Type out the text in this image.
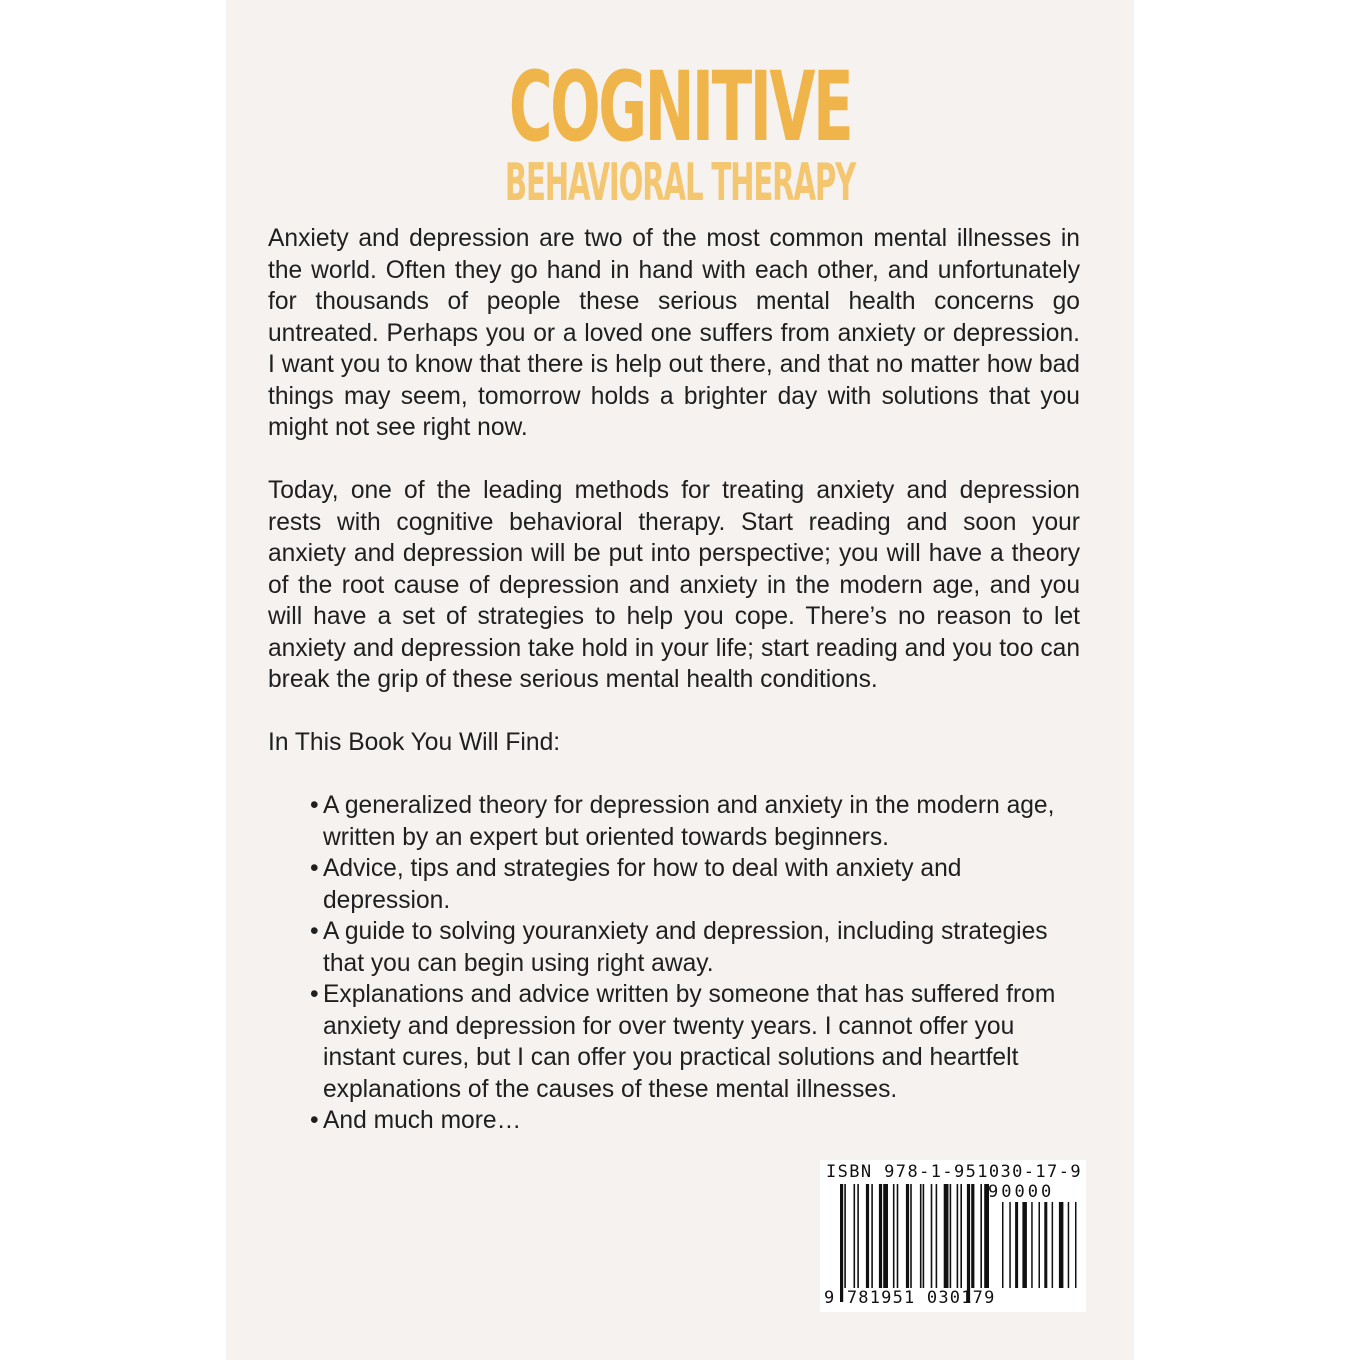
COGNITIVE
BEHAVIORAL THERAPY

Anxiety and depression are two of the most common mental illnesses in the world. Often they go hand in hand with each other, and unfortunately for thousands of people these serious mental health concerns go untreated. Perhaps you or a loved one suffers from anxiety or depression. I want you to know that there is help out there, and that no matter how bad things may seem, tomorrow holds a brighter day with solutions that you might not see right now.

Today, one of the leading methods for treating anxiety and depression rests with cognitive behavioral therapy. Start reading and soon your anxiety and depression will be put into perspective; you will have a theory of the root cause of depression and anxiety in the modern age, and you will have a set of strategies to help you cope. There’s no reason to let anxiety and depression take hold in your life; start reading and you too can break the grip of these serious mental health conditions.

In This Book You Will Find:

• A generalized theory for depression and anxiety in the modern age, written by an expert but oriented towards beginners.
• Advice, tips and strategies for how to deal with anxiety and depression.
• A guide to solving youranxiety and depression, including strategies that you can begin using right away.
• Explanations and advice written by someone that has suffered from anxiety and depression for over twenty years. I cannot offer you instant cures, but I can offer you practical solutions and heartfelt explanations of the causes of these mental illnesses.
• And much more…
ISBN 978-1-951030-17-9
90000
9 781951 030179
